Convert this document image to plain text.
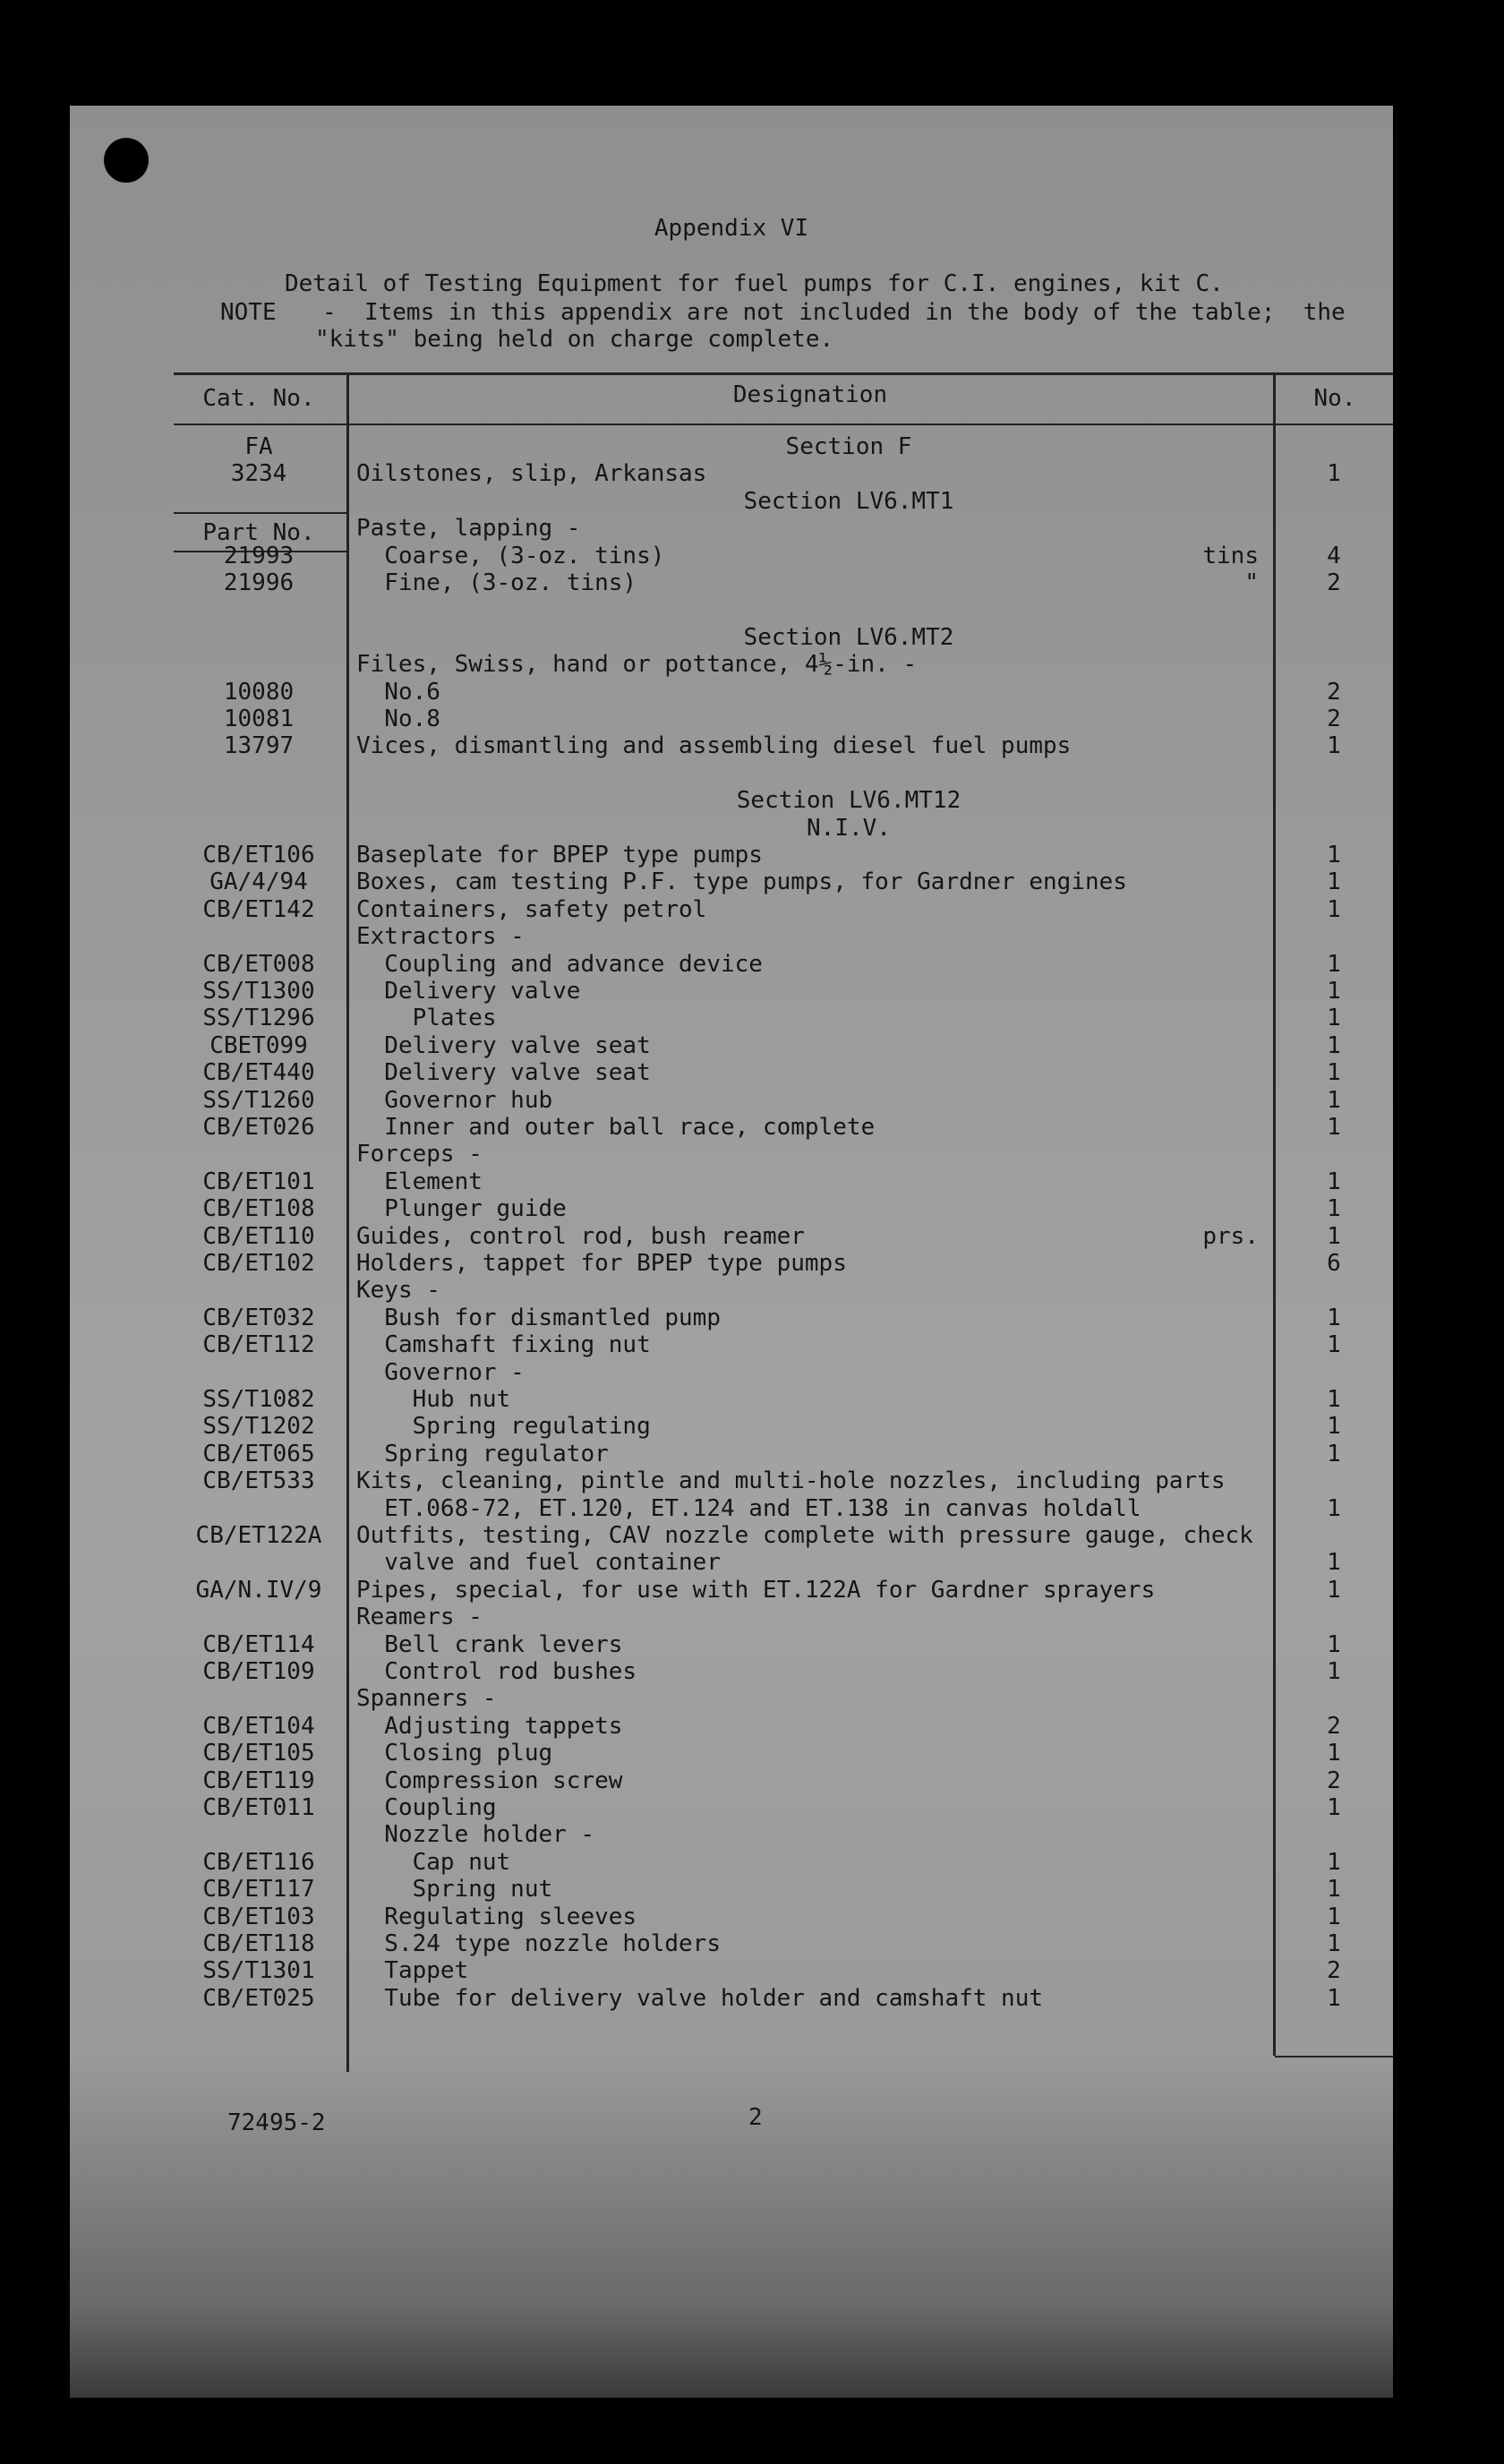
Appendix VI
Detail of Testing Equipment for fuel pumps for C.I. engines, kit C.
NOTE -  Items in this appendix are not included in the body of the table;  the
"kits" being held on charge complete.
Cat. No.	Designation	No.
Part No.
FA	Section F
3234	Oilstones, slip, Arkansas	1
Section LV6.MT1
Paste, lapping -
21993	Coarse, (3-oz. tins)	tins	4
21996	Fine, (3-oz. tins)	"	2
Section LV6.MT2
Files, Swiss, hand or pottance, 4½-in. -
10080	No.6	2
10081	No.8	2
13797	Vices, dismantling and assembling diesel fuel pumps	1
Section LV6.MT12
N.I.V.
CB/ET106	Baseplate for BPEP type pumps	1
GA/4/94	Boxes, cam testing P.F. type pumps, for Gardner engines	1
CB/ET142	Containers, safety petrol	1
Extractors -
CB/ET008	Coupling and advance device	1
SS/T1300	Delivery valve	1
SS/T1296	Plates	1
CBET099	Delivery valve seat	1
CB/ET440	Delivery valve seat	1
SS/T1260	Governor hub	1
CB/ET026	Inner and outer ball race, complete	1
Forceps -
CB/ET101	Element	1
CB/ET108	Plunger guide	1
CB/ET110	Guides, control rod, bush reamer	prs.	1
CB/ET102	Holders, tappet for BPEP type pumps	6
Keys -
CB/ET032	Bush for dismantled pump	1
CB/ET112	Camshaft fixing nut	1
Governor -
SS/T1082	Hub nut	1
SS/T1202	Spring regulating	1
CB/ET065	Spring regulator	1
CB/ET533	Kits, cleaning, pintle and multi-hole nozzles, including parts
ET.068-72, ET.120, ET.124 and ET.138 in canvas holdall	1
CB/ET122A	Outfits, testing, CAV nozzle complete with pressure gauge, check
valve and fuel container	1
GA/N.IV/9	Pipes, special, for use with ET.122A for Gardner sprayers	1
Reamers -
CB/ET114	Bell crank levers	1
CB/ET109	Control rod bushes	1
Spanners -
CB/ET104	Adjusting tappets	2
CB/ET105	Closing plug	1
CB/ET119	Compression screw	2
CB/ET011	Coupling	1
Nozzle holder -
CB/ET116	Cap nut	1
CB/ET117	Spring nut	1
CB/ET103	Regulating sleeves	1
CB/ET118	S.24 type nozzle holders	1
SS/T1301	Tappet	2
CB/ET025	Tube for delivery valve holder and camshaft nut	1
72495-2	2
